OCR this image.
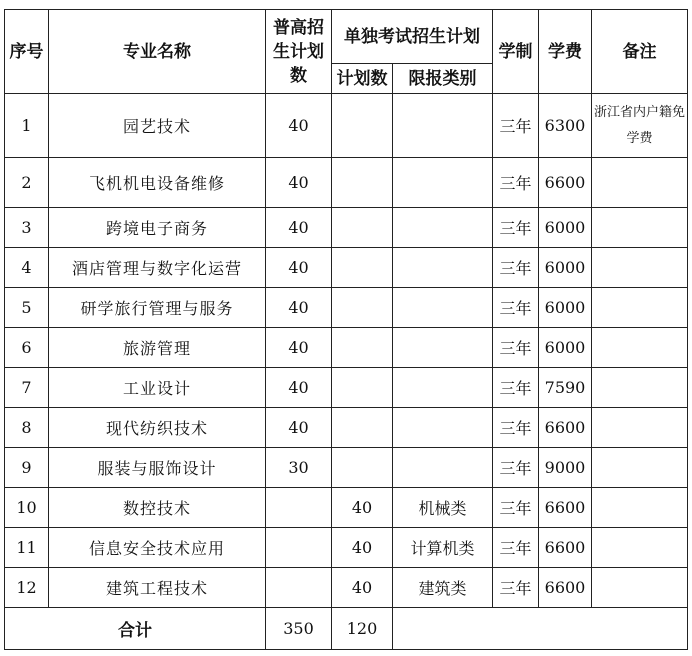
序号	专业名称	普高招生计划数	单独考试招生计划		学制	学费	备注
			计划数	限报类别			
1	园艺技术	40			三年	6300	浙江省内户籍免学费
2	飞机机电设备维修	40			三年	6600	
3	跨境电子商务	40			三年	6000	
4	酒店管理与数字化运营	40			三年	6000	
5	研学旅行管理与服务	40			三年	6000	
6	旅游管理	40			三年	6000	
7	工业设计	40			三年	7590	
8	现代纺织技术	40			三年	6600	
9	服装与服饰设计	30			三年	9000	
10	数控技术		40	机械类	三年	6600	
11	信息安全技术应用		40	计算机类	三年	6600	
12	建筑工程技术		40	建筑类	三年	6600	
合计		350	120				
